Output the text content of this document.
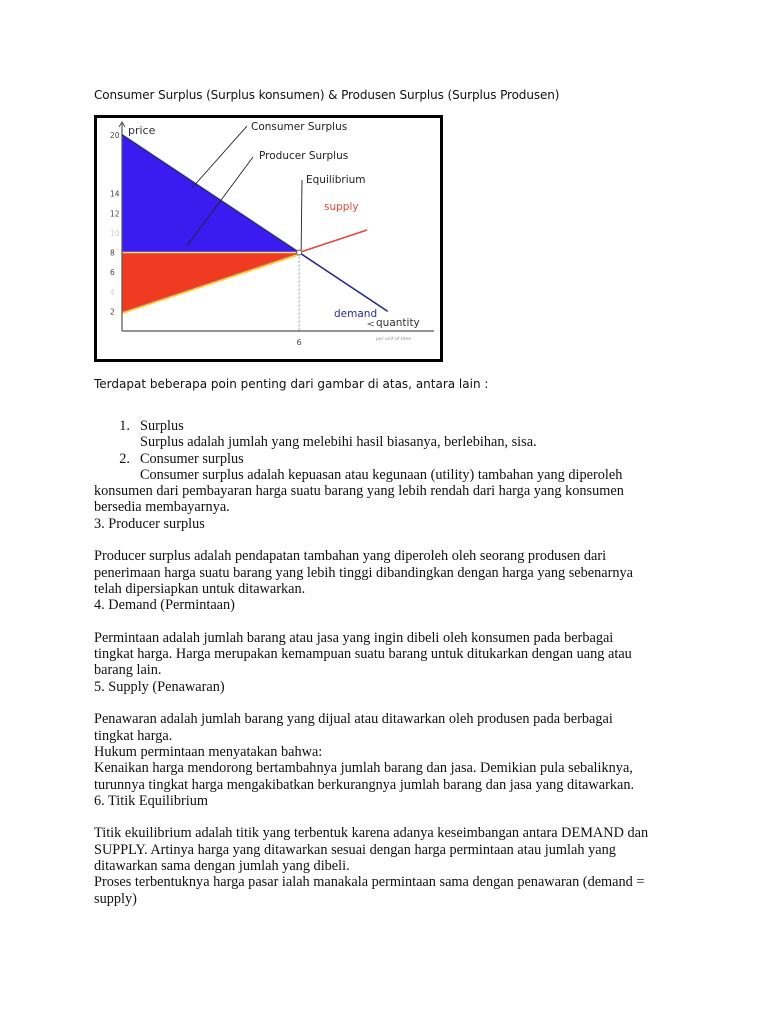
Consumer Surplus (Surplus konsumen) & Produsen Surplus (Surplus Produsen)
20
14
12
10
8
6
4
2
6
price
quantity
per unit of time
Consumer Surplus
Producer Surplus
Equilibrium
supply
demand
Terdapat beberapa poin penting dari gambar di atas, antara lain :
1. Surplus
Surplus adalah jumlah yang melebihi hasil biasanya, berlebihan, sisa.
2. Consumer surplus
Consumer surplus adalah kepuasan atau kegunaan (utility) tambahan yang diperoleh
konsumen dari pembayaran harga suatu barang yang lebih rendah dari harga yang konsumen
bersedia membayarnya.
3. Producer surplus
Producer surplus adalah pendapatan tambahan yang diperoleh oleh seorang produsen dari
penerimaan harga suatu barang yang lebih tinggi dibandingkan dengan harga yang sebenarnya
telah dipersiapkan untuk ditawarkan.
4. Demand (Permintaan)
Permintaan adalah jumlah barang atau jasa yang ingin dibeli oleh konsumen pada berbagai
tingkat harga. Harga merupakan kemampuan suatu barang untuk ditukarkan dengan uang atau
barang lain.
5. Supply (Penawaran)
Penawaran adalah jumlah barang yang dijual atau ditawarkan oleh produsen pada berbagai
tingkat harga.
Hukum permintaan menyatakan bahwa:
Kenaikan harga mendorong bertambahnya jumlah barang dan jasa. Demikian pula sebaliknya,
turunnya tingkat harga mengakibatkan berkurangnya jumlah barang dan jasa yang ditawarkan.
6. Titik Equilibrium
Titik ekuilibrium adalah titik yang terbentuk karena adanya keseimbangan antara DEMAND dan
SUPPLY. Artinya harga yang ditawarkan sesuai dengan harga permintaan atau jumlah yang
ditawarkan sama dengan jumlah yang dibeli.
Proses terbentuknya harga pasar ialah manakala permintaan sama dengan penawaran (demand =
supply)
